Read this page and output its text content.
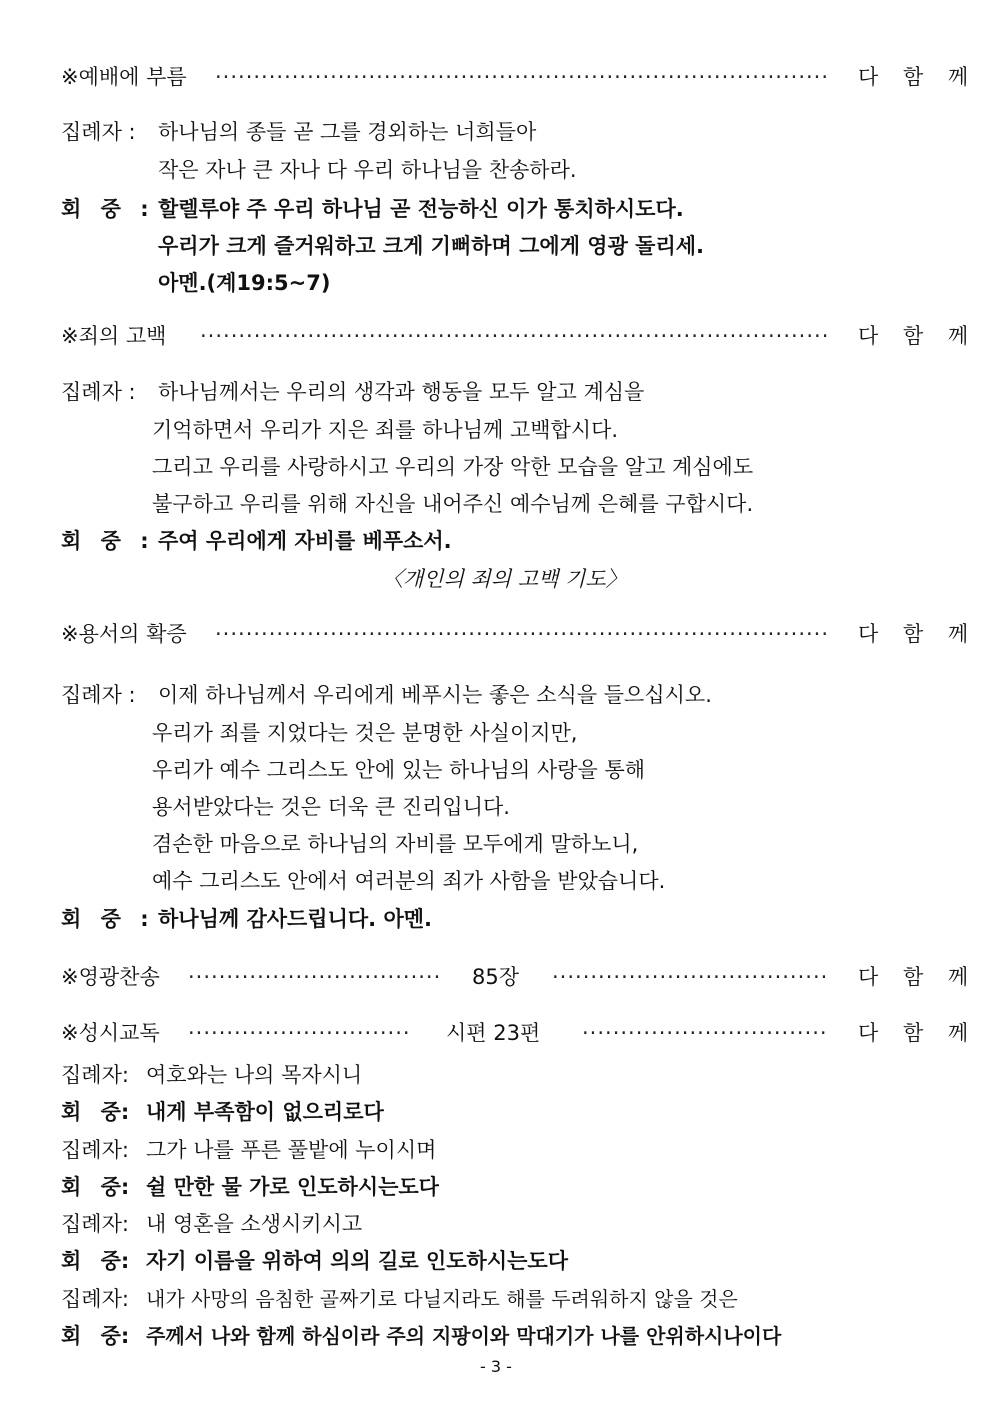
※예배에 부름 ·····	다 함 께
집례자 : 하나님의 종들 곧 그를 경외하는 너희들아
작은 자나 큰 자나 다 우리 하나님을 찬송하라.
회 중 : 할렐루야 주 우리 하나님 곧 전능하신 이가 통치하시도다.
우리가 크게 즐거워하고 크게 기뻐하며 그에게 영광 돌리세.
아멘.(계19:5~7)
※죄의 고백 ·····	다 함 께
집례자 : 하나님께서는 우리의 생각과 행동을 모두 알고 계심을
기억하면서 우리가 지은 죄를 하나님께 고백합시다.
그리고 우리를 사랑하시고 우리의 가장 악한 모습을 알고 계심에도
불구하고 우리를 위해 자신을 내어주신 예수님께 은혜를 구합시다.
회 중 : 주여 우리에게 자비를 베푸소서.
〈개인의 죄의 고백 기도〉
※용서의 확증 ·····	다 함 께
집례자 : 이제 하나님께서 우리에게 베푸시는 좋은 소식을 들으십시오.
우리가 죄를 지었다는 것은 분명한 사실이지만,
우리가 예수 그리스도 안에 있는 하나님의 사랑을 통해
용서받았다는 것은 더욱 큰 진리입니다.
겸손한 마음으로 하나님의 자비를 모두에게 말하노니,
예수 그리스도 안에서 여러분의 죄가 사함을 받았습니다.
회 중 : 하나님께 감사드립니다. 아멘.
※영광찬송 ·····	85장 ·····	다 함 께
※성시교독 ·····	시편 23편 ·····	다 함 께
집례자: 여호와는 나의 목자시니
회 중: 내게 부족함이 없으리로다
집례자: 그가 나를 푸른 풀밭에 누이시며
회 중: 쉴 만한 물 가로 인도하시는도다
집례자: 내 영혼을 소생시키시고
회 중: 자기 이름을 위하여 의의 길로 인도하시는도다
집례자: 내가 사망의 음침한 골짜기로 다닐지라도 해를 두려워하지 않을 것은
회 중: 주께서 나와 함께 하심이라 주의 지팡이와 막대기가 나를 안위하시나이다
- 3 -
